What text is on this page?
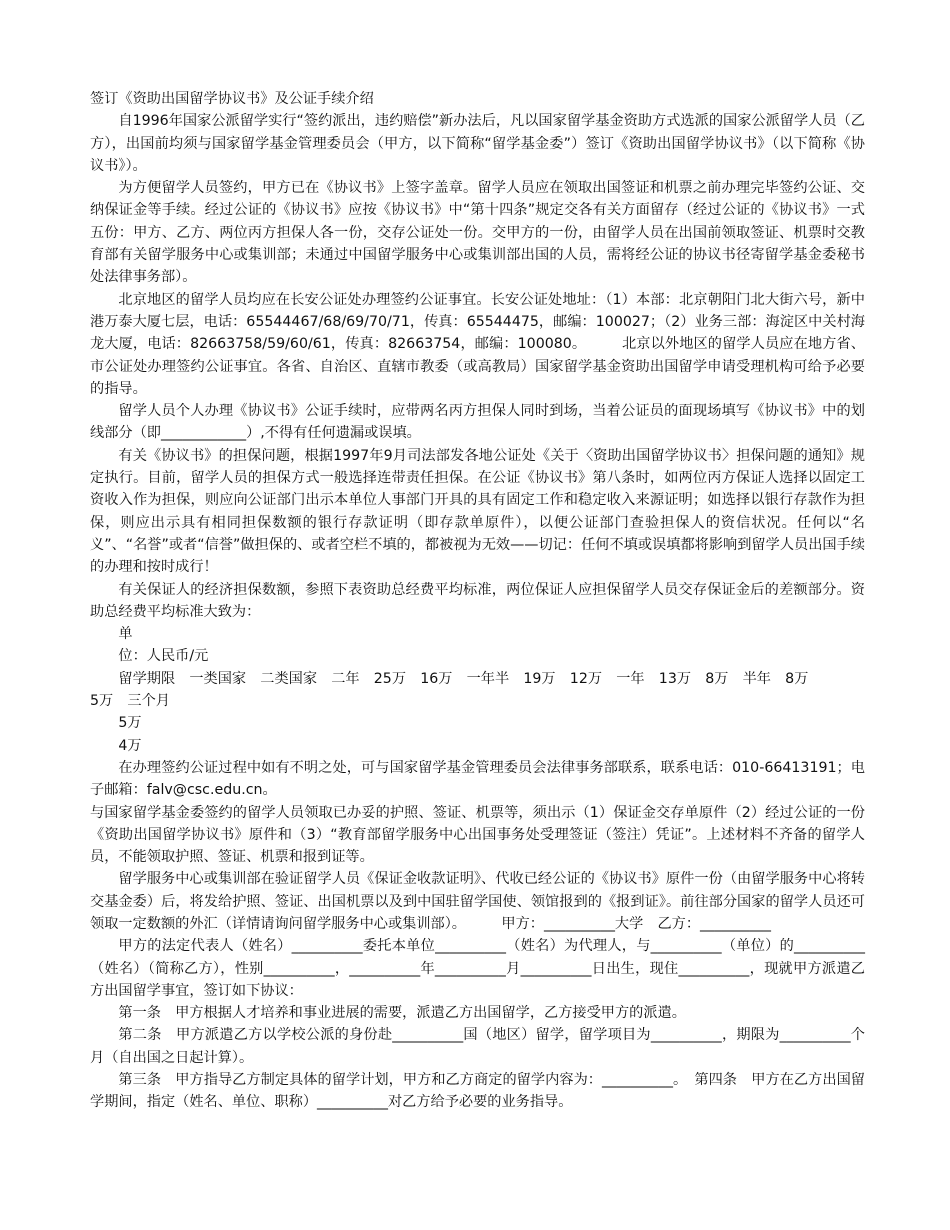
签订《资助出国留学协议书》及公证手续介绍

自1996年国家公派留学实行“签约派出，违约赔偿”新办法后，凡以国家留学基金资助方式选派的国家公派留学人员（乙方），出国前均须与国家留学基金管理委员会（甲方，以下简称“留学基金委”）签订《资助出国留学协议书》（以下简称《协议书》）。

为方便留学人员签约，甲方已在《协议书》上签字盖章。留学人员应在领取出国签证和机票之前办理完毕签约公证、交纳保证金等手续。经过公证的《协议书》应按《协议书》中“第十四条”规定交各有关方面留存（经过公证的《协议书》一式五份：甲方、乙方、两位丙方担保人各一份，交存公证处一份。交甲方的一份，由留学人员在出国前领取签证、机票时交教育部有关留学服务中心或集训部；未通过中国留学服务中心或集训部出国的人员，需将经公证的协议书径寄留学基金委秘书处法律事务部）。

北京地区的留学人员均应在长安公证处办理签约公证事宜。长安公证处地址：（1）本部：北京朝阳门北大街六号，新中港万泰大厦七层，电话：65544467/68/69/70/71，传真：65544475，邮编：100027；（2）业务三部：海淀区中关村海龙大厦，电话：82663758/59/60/61，传真：82663754，邮编：100080。　　　北京以外地区的留学人员应在地方省、市公证处办理签约公证事宜。各省、自治区、直辖市教委（或高教局）国家留学基金资助出国留学申请受理机构可给予必要的指导。

留学人员个人办理《协议书》公证手续时，应带两名丙方担保人同时到场，当着公证员的面现场填写《协议书》中的划线部分（即____________）,不得有任何遗漏或误填。

有关《协议书》的担保问题，根据1997年9月司法部发各地公证处《关于〈资助出国留学协议书〉担保问题的通知》规定执行。目前，留学人员的担保方式一般选择连带责任担保。在公证《协议书》第八条时，如两位丙方保证人选择以固定工资收入作为担保，则应向公证部门出示本单位人事部门开具的具有固定工作和稳定收入来源证明；如选择以银行存款作为担保，则应出示具有相同担保数额的银行存款证明（即存款单原件），以便公证部门查验担保人的资信状况。任何以“名义”、“名誉”或者“信誉”做担保的、或者空栏不填的，都被视为无效——切记：任何不填或误填都将影响到留学人员出国手续的办理和按时成行！

有关保证人的经济担保数额，参照下表资助总经费平均标准，两位保证人应担保留学人员交存保证金后的差额部分。资助总经费平均标准大致为：

单

位：人民币/元

留学期限　一类国家　二类国家　二年　25万　16万　一年半　19万　12万　一年　13万　8万　半年　8万

5万　三个月

5万

4万

在办理签约公证过程中如有不明之处，可与国家留学基金管理委员会法律事务部联系，联系电话：010-66413191；电子邮箱：falv@csc.edu.cn。

与国家留学基金委签约的留学人员领取已办妥的护照、签证、机票等，须出示（1）保证金交存单原件（2）经过公证的一份《资助出国留学协议书》原件和（3）“教育部留学服务中心出国事务处受理签证（签注）凭证”。上述材料不齐备的留学人员，不能领取护照、签证、机票和报到证等。

留学服务中心或集训部在验证留学人员《保证金收款证明》、代收已经公证的《协议书》原件一份（由留学服务中心将转交基金委）后，将发给护照、签证、出国机票以及到中国驻留学国使、领馆报到的《报到证》。前往部分国家的留学人员还可领取一定数额的外汇（详情请询问留学服务中心或集训部）。　　　甲方：__________大学　乙方：__________

甲方的法定代表人（姓名）__________委托本单位__________（姓名）为代理人，与__________（单位）的__________（姓名）（简称乙方），性别__________，__________年__________月__________日出生，现住__________，现就甲方派遣乙方出国留学事宜，签订如下协议：

第一条　甲方根据人才培养和事业进展的需要，派遣乙方出国留学，乙方接受甲方的派遣。

第二条　甲方派遣乙方以学校公派的身份赴__________国（地区）留学，留学项目为__________，期限为__________个月（自出国之日起计算）。

第三条　甲方指导乙方制定具体的留学计划，甲方和乙方商定的留学内容为：__________。　第四条　甲方在乙方出国留学期间，指定（姓名、单位、职称）__________对乙方给予必要的业务指导。
